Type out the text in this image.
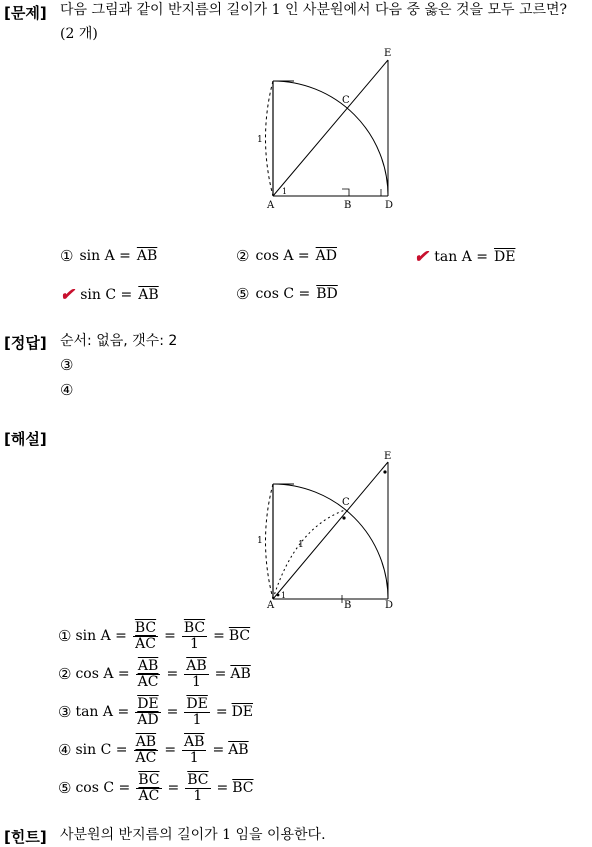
[문제] 다음 그림과 같이 반지름의 길이가 1 인 사분원에서 다음 중 옳은 것을 모두 고르면?
(2 개)
1
1
A	B
C
D
E
① $\sin A = \overline{AB}$	② $\cos A = \overline{AD}$	✔ $\tan A = \overline{DE}$
✔ $\sin C = \overline{AB}$	⑤ $\cos C = \overline{BD}$
[정답] 순서: 없음, 갯수: 2
③
④
[해설]
1	1
1
A	B
C
D
E
① $\sin A = \frac{\overline{BC}}{AC} = \frac{\overline{BC}}{1} = \overline{BC}$
② $\cos A = \frac{\overline{AB}}{AC} = \frac{\overline{AB}}{1} = \overline{AB}$
③ $\tan A = \frac{\overline{DE}}{AD} = \frac{\overline{DE}}{1} = \overline{DE}$
④ $\sin C = \frac{\overline{AB}}{AC} = \frac{\overline{AB}}{1} = \overline{AB}$
⑤ $\cos C = \frac{\overline{BC}}{AC} = \frac{\overline{BC}}{1} = \overline{BC}$
[힌트] 사분원의 반지름의 길이가 1 임을 이용한다.
